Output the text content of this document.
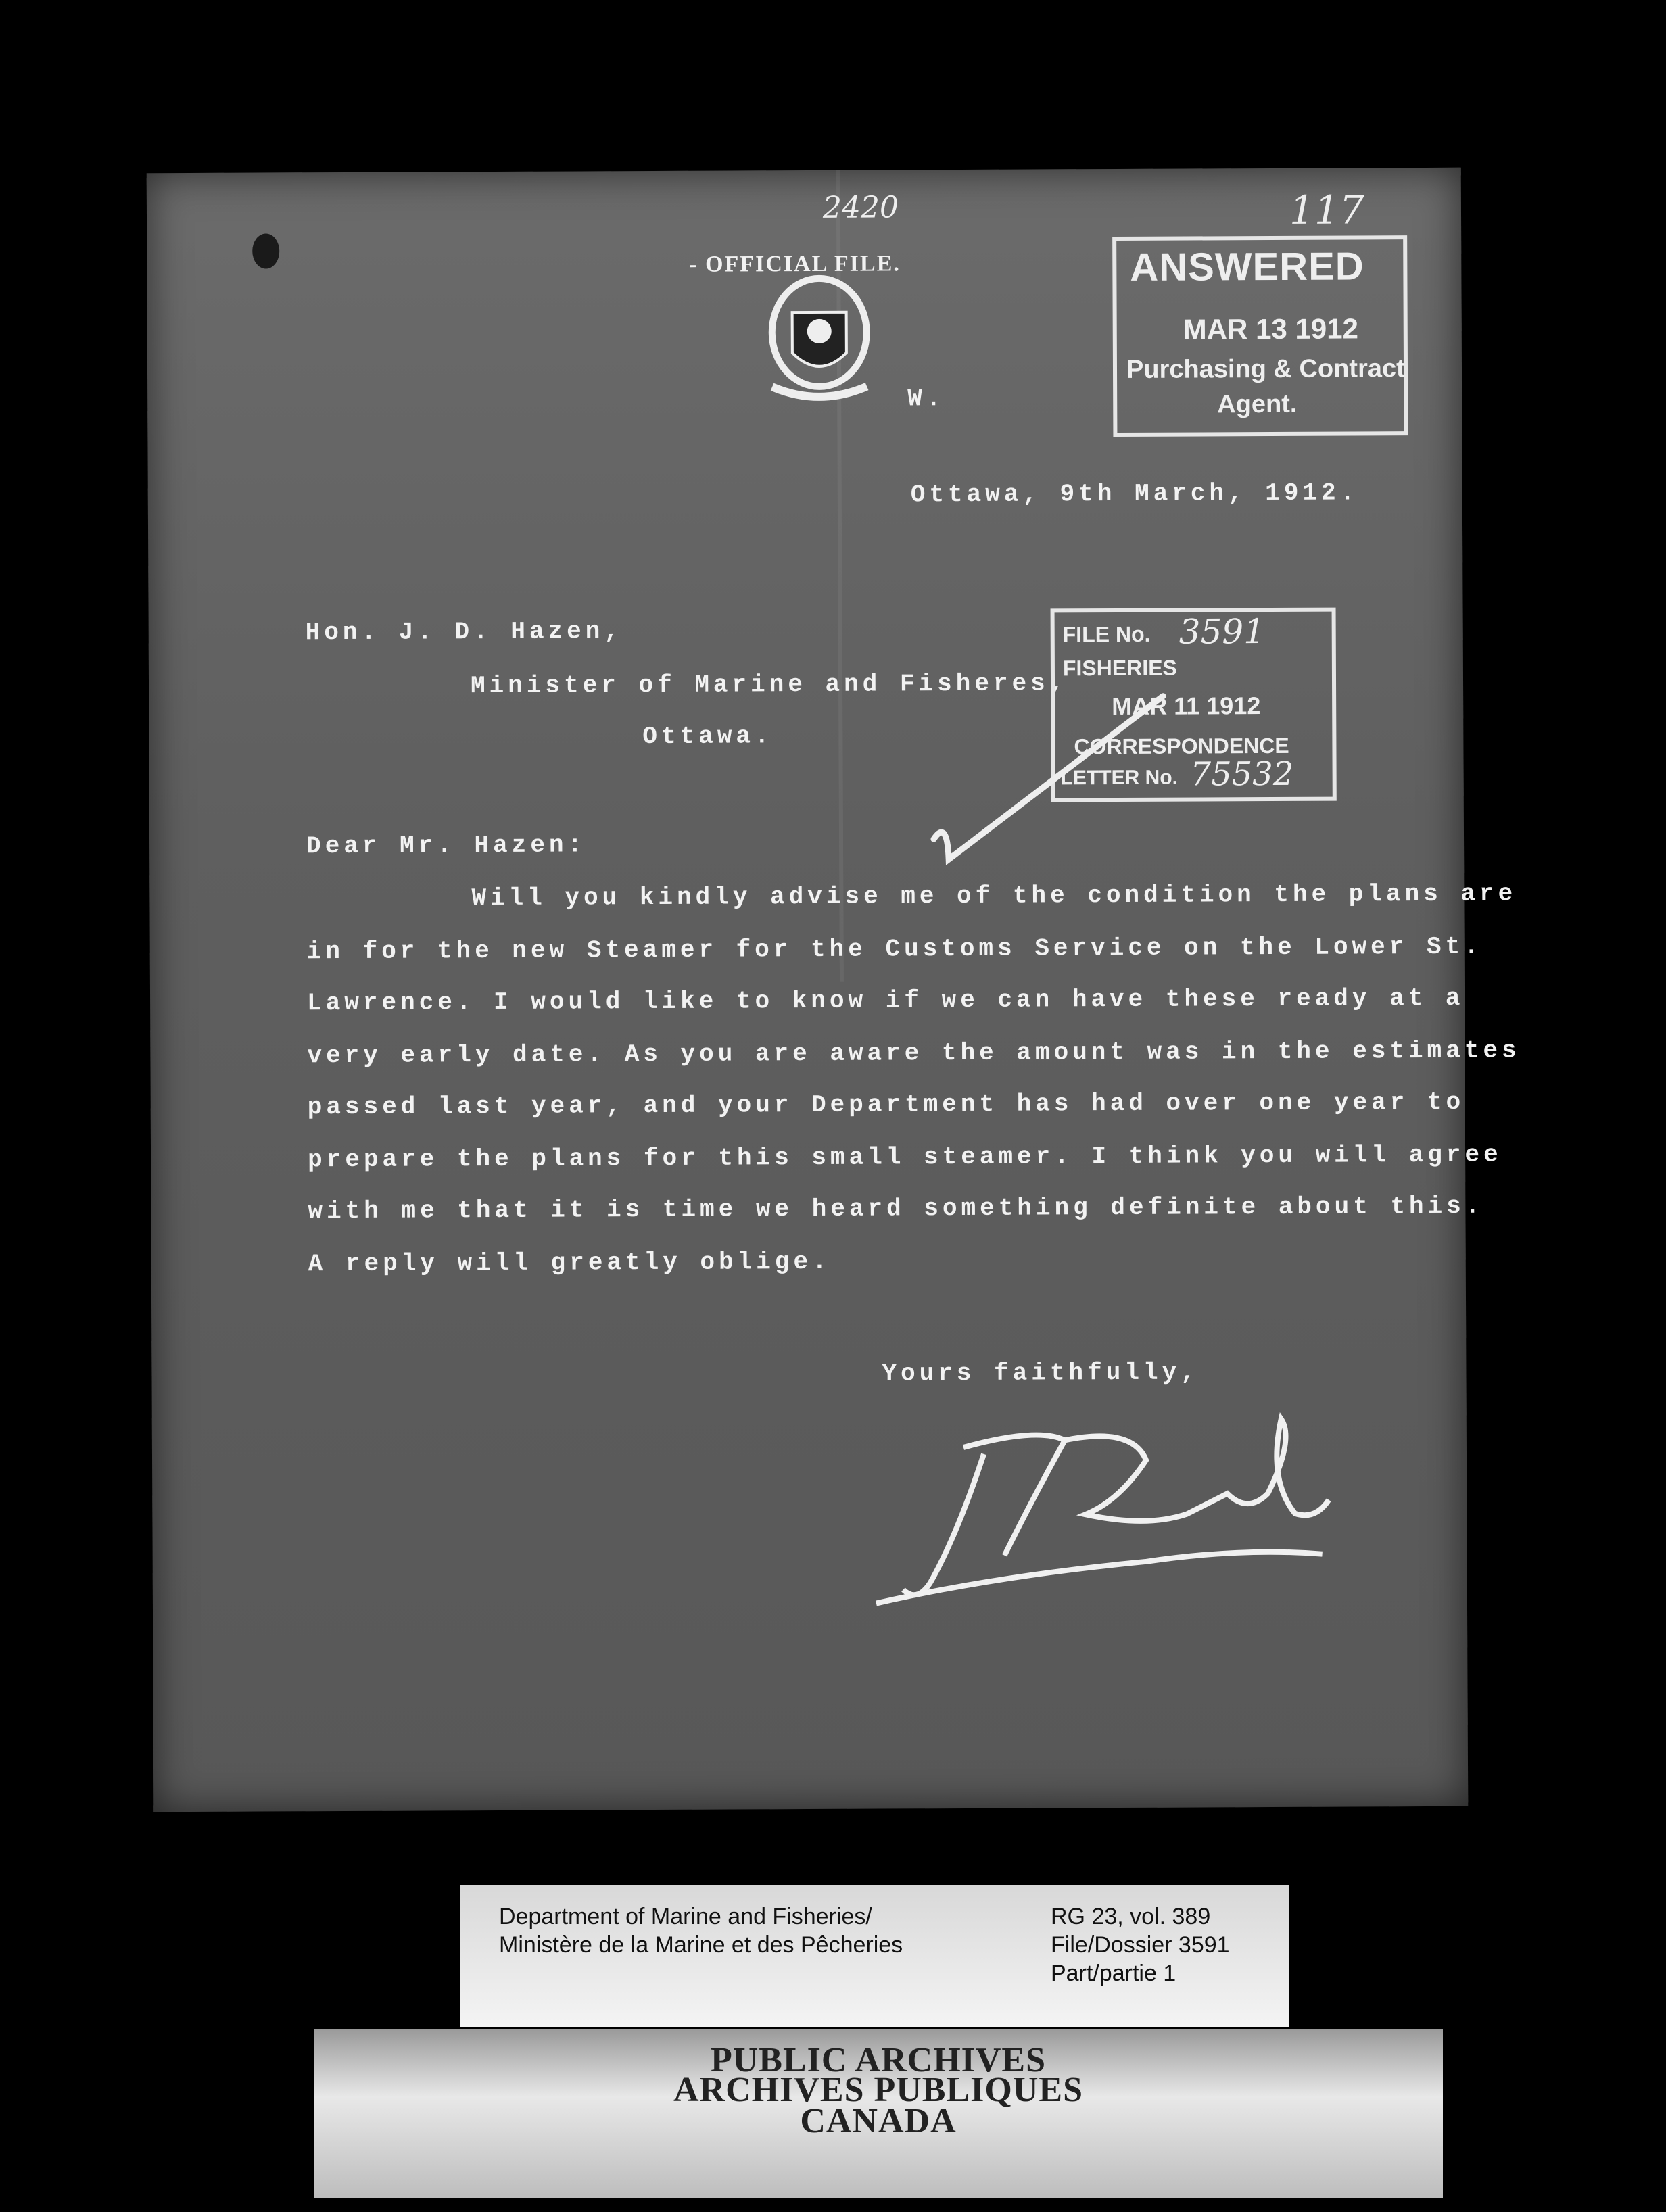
2420	117
- OFFICIAL FILE.
W.
ANSWERED
MAR 13 1912
Purchasing & Contract
Agent.
Ottawa, 9th March, 1912.
Hon. J. D. Hazen,
Minister of Marine and Fisheres,
Ottawa.
FILE No. 3591
FISHERIES
MAR 11 1912
CORRESPONDENCE
LETTER No. 75532
Dear Mr. Hazen:
Will you kindly advise me of the condition the plans are
in for the new Steamer for the Customs Service on the Lower St.
Lawrence. I would like to know if we can have these ready at a
very early date. As you are aware the amount was in the estimates
passed last year, and your Department has had over one year to
prepare the plans for this small steamer. I think you will agree
with me that it is time we heard something definite about this.
A reply will greatly oblige.
Yours faithfully,
Department of Marine and Fisheries/
Ministère de la Marine et des Pêcheries
RG 23, vol. 389
File/Dossier 3591
Part/partie 1
PUBLIC ARCHIVES
ARCHIVES PUBLIQUES
CANADA
